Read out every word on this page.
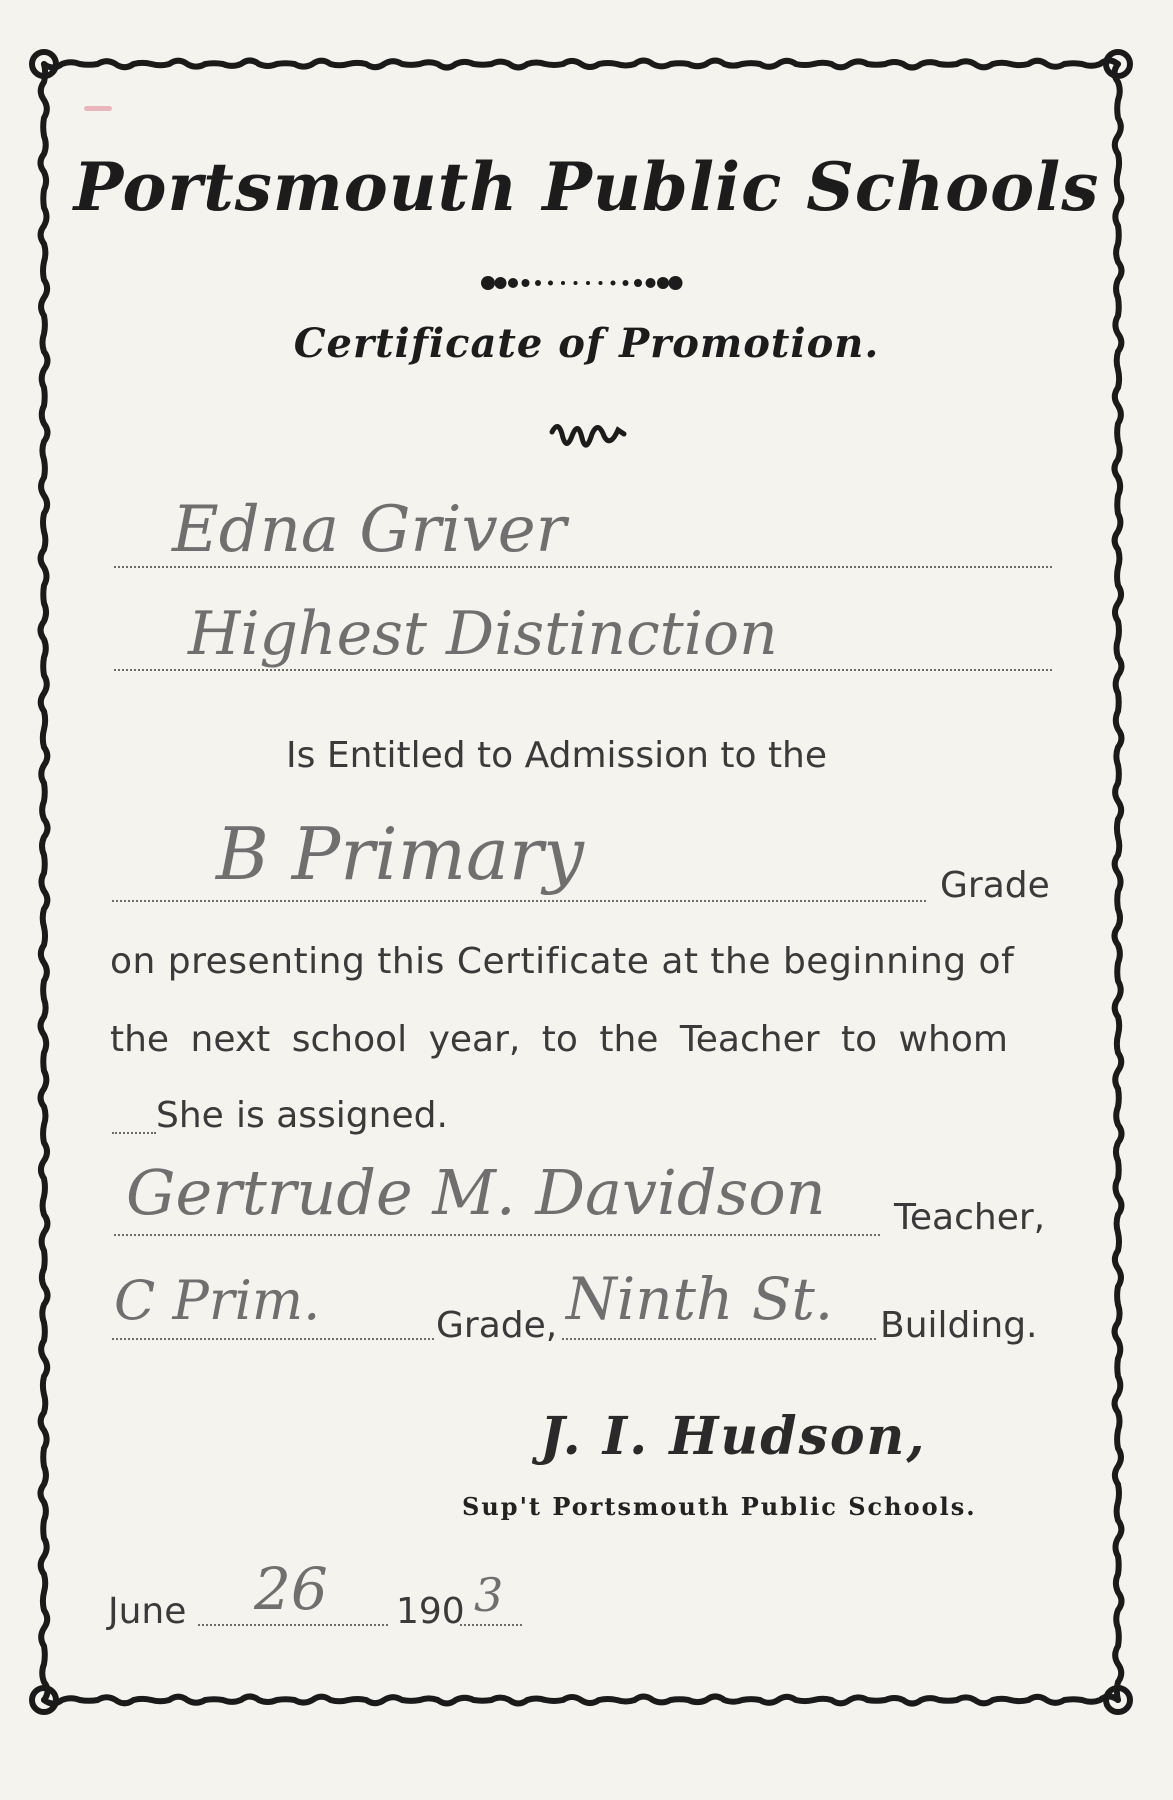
Portsmouth Public Schools
Certificate of Promotion.
Edna Griver
Highest Distinction
Is Entitled to Admission to the
B Primary	Grade
on presenting this Certificate at the beginning of
the next school year, to the Teacher to whom
She is assigned.
Gertrude M. Davidson Teacher,
C Prim.	Grade, Ninth St. Building.
J. I. Hudson,
Sup't Portsmouth Public Schools.
June 26 190 3
